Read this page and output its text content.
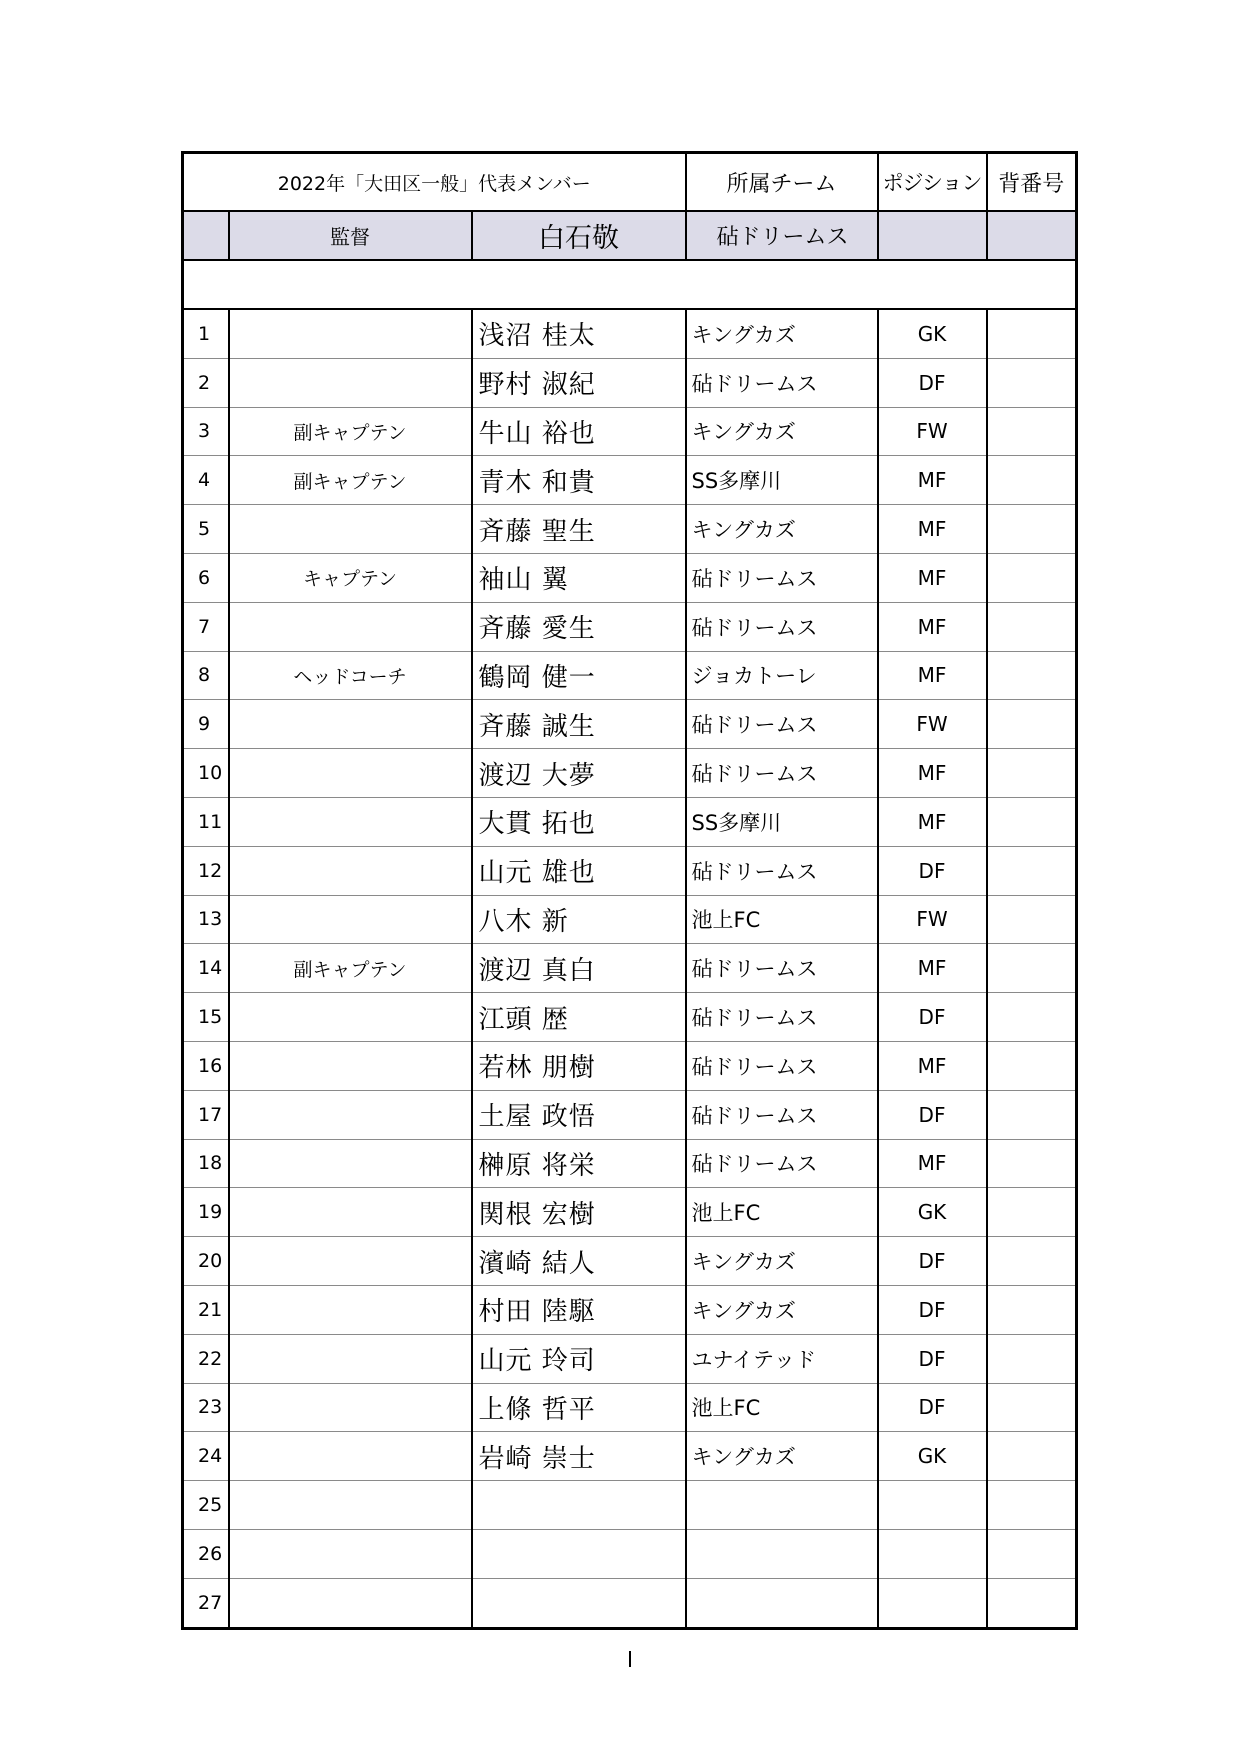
2022年「大田区一般」代表メンバー			所属チーム	ポジション	背番号
	監督	白石敬	砧ドリームス		

1		浅沼 桂太	キングカズ	GK	
2		野村 淑紀	砧ドリームス	DF	
3	副キャプテン	牛山 裕也	キングカズ	FW	
4	副キャプテン	青木 和貴	SS多摩川	MF	
5		斉藤 聖生	キングカズ	MF	
6	キャプテン	袖山 翼	砧ドリームス	MF	
7		斉藤 愛生	砧ドリームス	MF	
8	ヘッドコーチ	鶴岡 健一	ジョカトーレ	MF	
9		斉藤 誠生	砧ドリームス	FW	
10		渡辺 大夢	砧ドリームス	MF	
11		大貫 拓也	SS多摩川	MF	
12		山元 雄也	砧ドリームス	DF	
13		八木 新	池上FC	FW	
14	副キャプテン	渡辺 真白	砧ドリームス	MF	
15		江頭 歴	砧ドリームス	DF	
16		若林 朋樹	砧ドリームス	MF	
17		土屋 政悟	砧ドリームス	DF	
18		榊原 将栄	砧ドリームス	MF	
19		関根 宏樹	池上FC	GK	
20		濱崎 結人	キングカズ	DF	
21		村田 陸駆	キングカズ	DF	
22		山元 玲司	ユナイテッド	DF	
23		上條 哲平	池上FC	DF	
24		岩崎 崇士	キングカズ	GK	
25					
26					
27					
